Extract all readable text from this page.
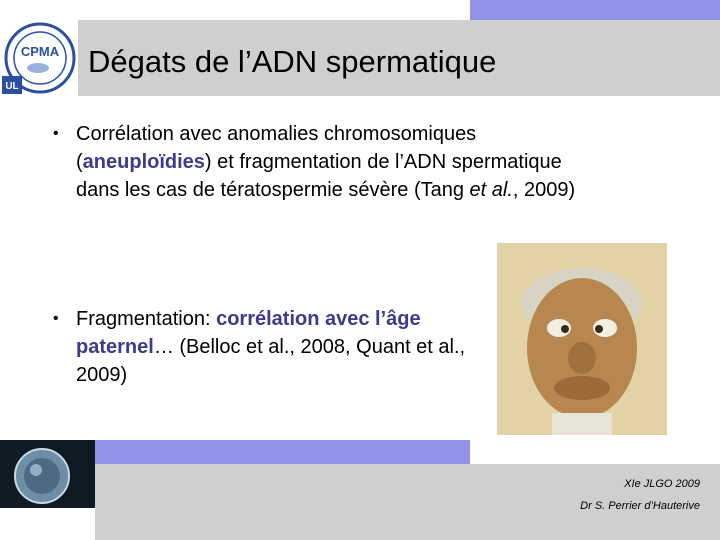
CPMA
UL
Dégats de l’ADN spermatique
• Corrélation avec anomalies chromosomiques (aneuploïdies) et fragmentation de l’ADN spermatique dans les cas de tératospermie sévère (Tang et al., 2009)
• Fragmentation: corrélation avec l’âge paternel… (Belloc et al., 2008, Quant et al., 2009)
XIe JLGO 2009
Dr S. Perrier d’Hauterive
